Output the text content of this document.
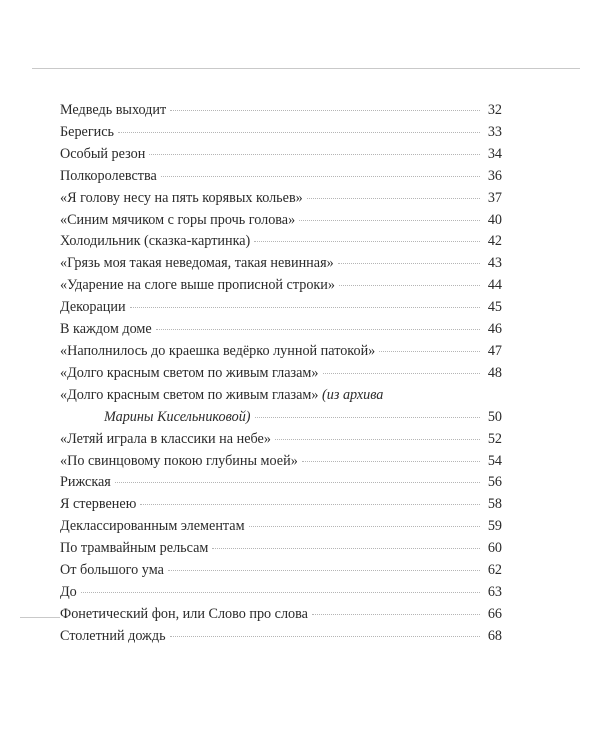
Медведь выходит	32
Берегись	33
Особый резон	34
Полкоролевства	36
«Я голову несу на пять корявых кольев»	37
«Синим мячиком с горы прочь голова»	40
Холодильник (сказка-картинка)	42
«Грязь моя такая неведомая, такая невинная»	43
«Ударение на слоге выше прописной строки»	44
Декорации	45
В каждом доме	46
«Наполнилось до краешка ведёрко лунной патокой»	47
«Долго красным светом по живым глазам»	48
«Долго красным светом по живым глазам» (из архива
Марины Кисельниковой)	50
«Летяй играла в классики на небе»	52
«По свинцовому покою глубины моей»	54
Рижская	56
Я стервенею	58
Деклассированным элементам	59
По трамвайным рельсам	60
От большого ума	62
До	63
Фонетический фон, или Слово про слова	66
Столетний дождь	68
